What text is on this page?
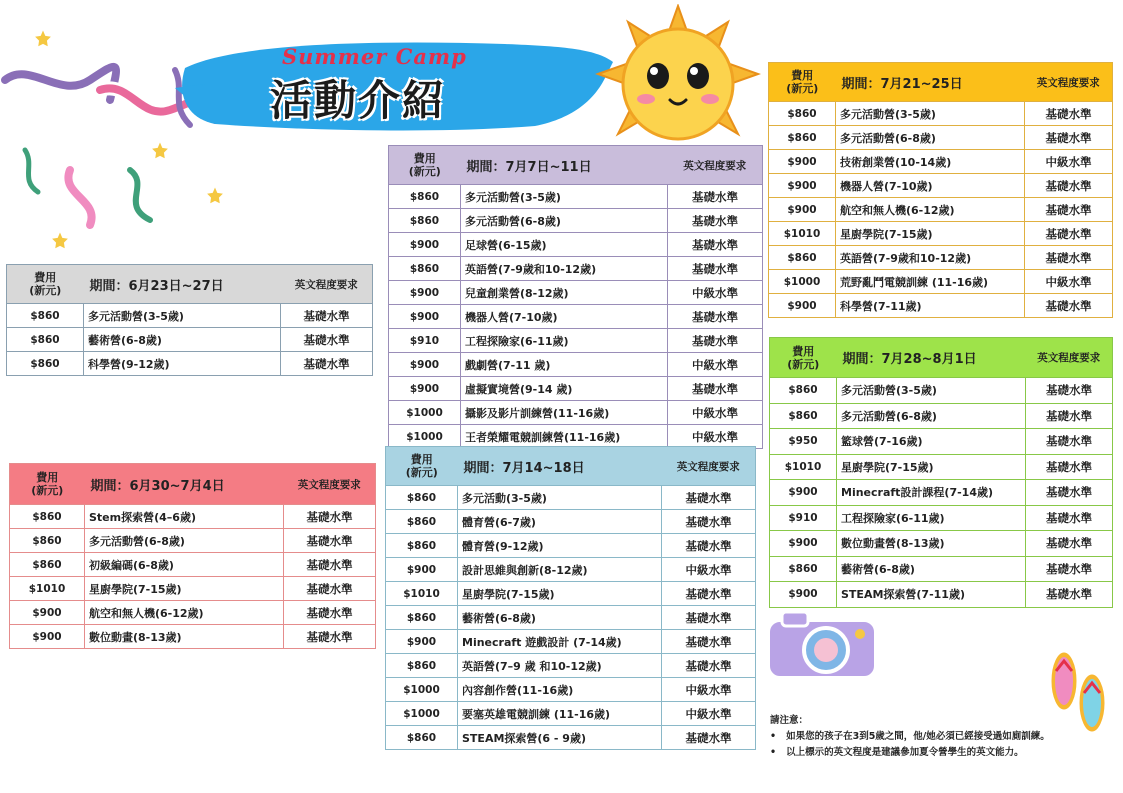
Summer Camp
活動介紹
費用
(新元)	期間：6月23日~27日	英文程度要求
$860	多元活動營(3-5歲)	基礎水準
$860	藝術營(6-8歲)	基礎水準
$860	科學營(9-12歲)	基礎水準
費用
(新元)	期間：6月30~7月4日	英文程度要求
$860	Stem探索營(4–6歲)	基礎水準
$860	多元活動營(6-8歲)	基礎水準
$860	初級編碼(6-8歲)	基礎水準
$1010	星廚學院(7-15歲)	基礎水準
$900	航空和無人機(6-12歲)	基礎水準
$900	數位動畫(8-13歲)	基礎水準
費用
(新元)	期間：7月7日~11日	英文程度要求
$860	多元活動營(3-5歲)	基礎水準
$860	多元活動營(6-8歲)	基礎水準
$900	足球營(6-15歲)	基礎水準
$860	英語營(7-9歲和10-12歲)	基礎水準
$900	兒童創業營(8-12歲)	中級水準
$900	機器人營(7-10歲)	基礎水準
$910	工程探險家(6-11歲)	基礎水準
$900	戲劇營(7-11 歲)	中級水準
$900	虛擬實境營(9-14 歲)	基礎水準
$1000	攝影及影片訓練營(11-16歲)	中級水準
$1000	王者榮耀電競訓練營(11-16歲)	中級水準
費用
(新元)	期間：7月14~18日	英文程度要求
$860	多元活動(3-5歲)	基礎水準
$860	體育營(6-7歲)	基礎水準
$860	體育營(9-12歲)	基礎水準
$900	設計思維與創新(8-12歲)	中級水準
$1010	星廚學院(7-15歲)	基礎水準
$860	藝術營(6-8歲)	基礎水準
$900	Minecraft 遊戲設計 (7-14歲)	基礎水準
$860	英語營(7–9 歲 和10-12歲)	基礎水準
$1000	內容創作營(11-16歲)	中級水準
$1000	要塞英雄電競訓練 (11-16歲)	中級水準
$860	STEAM探索營(6 - 9歲)	基礎水準
費用
(新元)	期間：7月21~25日	英文程度要求
$860	多元活動營(3-5歲)	基礎水準
$860	多元活動營(6-8歲)	基礎水準
$900	技術創業營(10-14歲)	中級水準
$900	機器人營(7-10歲)	基礎水準
$900	航空和無人機(6-12歲)	基礎水準
$1010	星廚學院(7-15歲)	基礎水準
$860	英語營(7-9歲和10-12歲)	基礎水準
$1000	荒野亂鬥電競訓練 (11-16歲)	中級水準
$900	科學營(7-11歲)	基礎水準
費用
(新元)	期間：7月28~8月1日	英文程度要求
$860	多元活動營(3-5歲)	基礎水準
$860	多元活動營(6-8歲)	基礎水準
$950	籃球營(7-16歲)	基礎水準
$1010	星廚學院(7-15歲)	基礎水準
$900	Minecraft設計課程(7-14歲)	基礎水準
$910	工程探險家(6-11歲)	基礎水準
$900	數位動畫營(8-13歲)	基礎水準
$860	藝術營(6-8歲)	基礎水準
$900	STEAM探索營(7-11歲)	基礎水準
請注意：
• 如果您的孩子在3到5歲之間，他/她必須已經接受過如廁訓練。
• 以上標示的英文程度是建議參加夏令營學生的英文能力。
